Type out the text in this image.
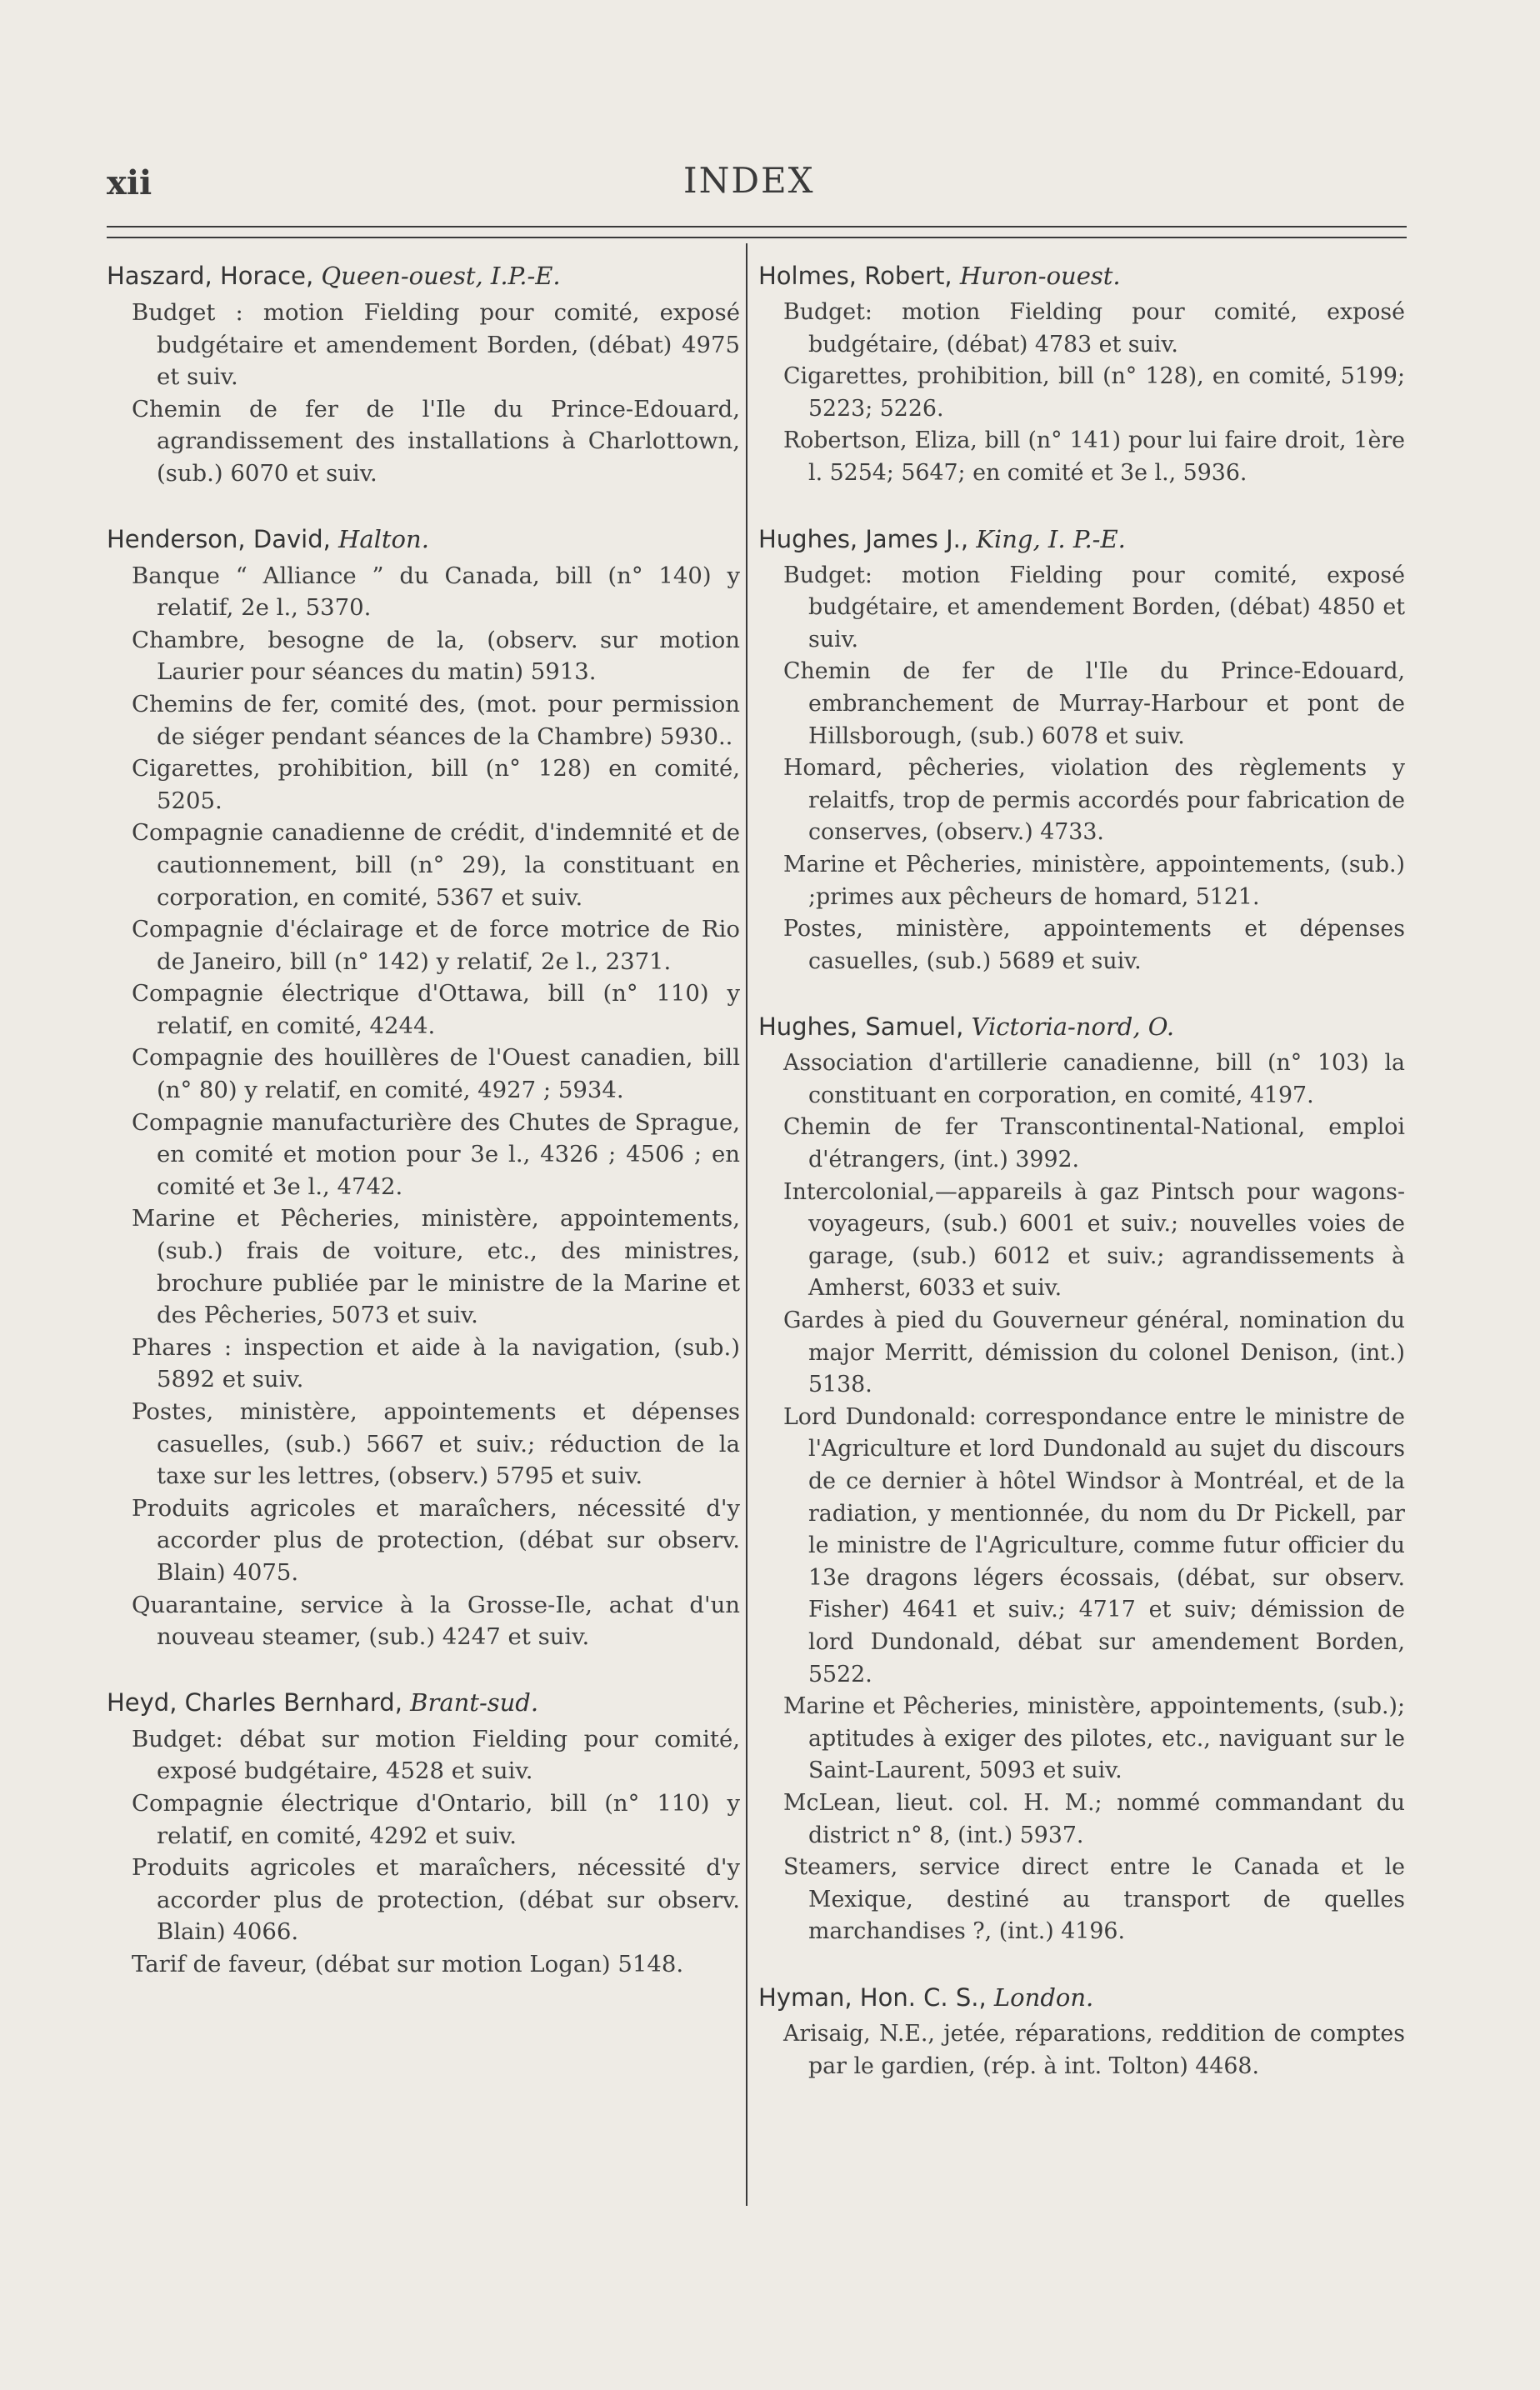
xii	INDEX
Haszard, Horace, Queen-ouest, I.P.-E.
Budget : motion Fielding pour comité, exposé budgétaire et amendement Borden, (débat) 4975 et suiv.
Chemin de fer de l'Ile du Prince-Edouard, agrandissement des installations à Charlottown, (sub.) 6070 et suiv.
Henderson, David, Halton.
Banque “ Alliance ” du Canada, bill (n° 140) y relatif, 2e l., 5370.
Chambre, besogne de la, (observ. sur motion Laurier pour séances du matin) 5913.
Chemins de fer, comité des, (mot. pour permission de siéger pendant séances de la Chambre) 5930..
Cigarettes, prohibition, bill (n° 128) en comité, 5205.
Compagnie canadienne de crédit, d'indemnité et de cautionnement, bill (n° 29), la constituant en corporation, en comité, 5367 et suiv.
Compagnie d'éclairage et de force motrice de Rio de Janeiro, bill (n° 142) y relatif, 2e l., 2371.
Compagnie électrique d'Ottawa, bill (n° 110) y relatif, en comité, 4244.
Compagnie des houillères de l'Ouest canadien, bill (n° 80) y relatif, en comité, 4927 ; 5934.
Compagnie manufacturière des Chutes de Sprague, en comité et motion pour 3e l., 4326 ; 4506 ; en comité et 3e l., 4742.
Marine et Pêcheries, ministère, appointements, (sub.) frais de voiture, etc., des ministres, brochure publiée par le ministre de la Marine et des Pêcheries, 5073 et suiv.
Phares : inspection et aide à la navigation, (sub.) 5892 et suiv.
Postes, ministère, appointements et dépenses casuelles, (sub.) 5667 et suiv.; réduction de la taxe sur les lettres, (observ.) 5795 et suiv.
Produits agricoles et maraîchers, nécessité d'y accorder plus de protection, (débat sur observ. Blain) 4075.
Quarantaine, service à la Grosse-Ile, achat d'un nouveau steamer, (sub.) 4247 et suiv.
Heyd, Charles Bernhard, Brant-sud.
Budget: débat sur motion Fielding pour comité, exposé budgétaire, 4528 et suiv.
Compagnie électrique d'Ontario, bill (n° 110) y relatif, en comité, 4292 et suiv.
Produits agricoles et maraîchers, nécessité d'y accorder plus de protection, (débat sur observ. Blain) 4066.
Tarif de faveur, (débat sur motion Logan) 5148.
Holmes, Robert, Huron-ouest.
Budget: motion Fielding pour comité, exposé budgétaire, (débat) 4783 et suiv.
Cigarettes, prohibition, bill (n° 128), en comité, 5199; 5223; 5226.
Robertson, Eliza, bill (n° 141) pour lui faire droit, 1ère l. 5254; 5647; en comité et 3e l., 5936.
Hughes, James J., King, I. P.-E.
Budget: motion Fielding pour comité, exposé budgétaire, et amendement Borden, (débat) 4850 et suiv.
Chemin de fer de l'Ile du Prince-Edouard, embranchement de Murray-Harbour et pont de Hillsborough, (sub.) 6078 et suiv.
Homard, pêcheries, violation des règlements y relaitfs, trop de permis accordés pour fabrication de conserves, (observ.) 4733.
Marine et Pêcheries, ministère, appointements, (sub.) ;primes aux pêcheurs de homard, 5121.
Postes, ministère, appointements et dépenses casuelles, (sub.) 5689 et suiv.
Hughes, Samuel, Victoria-nord, O.
Association d'artillerie canadienne, bill (n° 103) la constituant en corporation, en comité, 4197.
Chemin de fer Transcontinental-National, emploi d'étrangers, (int.) 3992.
Intercolonial,—appareils à gaz Pintsch pour wagons-voyageurs, (sub.) 6001 et suiv.; nouvelles voies de garage, (sub.) 6012 et suiv.; agrandissements à Amherst, 6033 et suiv.
Gardes à pied du Gouverneur général, nomination du major Merritt, démission du colonel Denison, (int.) 5138.
Lord Dundonald: correspondance entre le ministre de l'Agriculture et lord Dundonald au sujet du discours de ce dernier à hôtel Windsor à Montréal, et de la radiation, y mentionnée, du nom du Dr Pickell, par le ministre de l'Agriculture, comme futur officier du 13e dragons légers écossais, (débat, sur observ. Fisher) 4641 et suiv.; 4717 et suiv; démission de lord Dundonald, débat sur amendement Borden, 5522.
Marine et Pêcheries, ministère, appointements, (sub.); aptitudes à exiger des pilotes, etc., naviguant sur le Saint-Laurent, 5093 et suiv.
McLean, lieut. col. H. M.; nommé commandant du district n° 8, (int.) 5937.
Steamers, service direct entre le Canada et le Mexique, destiné au transport de quelles marchandises ?, (int.) 4196.
Hyman, Hon. C. S., London.
Arisaig, N.E., jetée, réparations, reddition de comptes par le gardien, (rép. à int. Tolton) 4468.
